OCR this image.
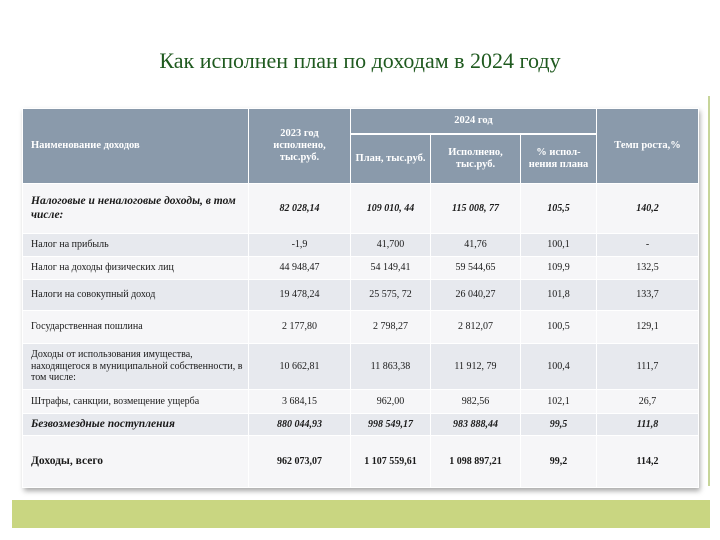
Как исполнен план по доходам в 2024 году
Наименование доходов	2023 год исполнено, тыс.руб.	2024 год			Темп роста,%
		План, тыс.руб.	Исполнено, тыс.руб.	% испол-нения плана	
Налоговые и неналоговые доходы, в том числе:	82 028,14	109 010, 44	115 008, 77	105,5	140,2
Налог на прибыль	-1,9	41,700	41,76	100,1	-
Налог на доходы физических лиц	44 948,47	54 149,41	59 544,65	109,9	132,5
Налоги на совокупный доход	19 478,24	25 575, 72	26 040,27	101,8	133,7
Государственная пошлина	2 177,80	2 798,27	2 812,07	100,5	129,1
Доходы от использования имущества, находящегося в муниципальной собственности, в том числе:	10 662,81	11 863,38	11 912, 79	100,4	111,7
Штрафы, санкции, возмещение ущерба	3 684,15	962,00	982,56	102,1	26,7
Безвозмездные поступления	880 044,93	998 549,17	983 888,44	99,5	111,8
Доходы, всего	962 073,07	1 107 559,61	1 098 897,21	99,2	114,2
